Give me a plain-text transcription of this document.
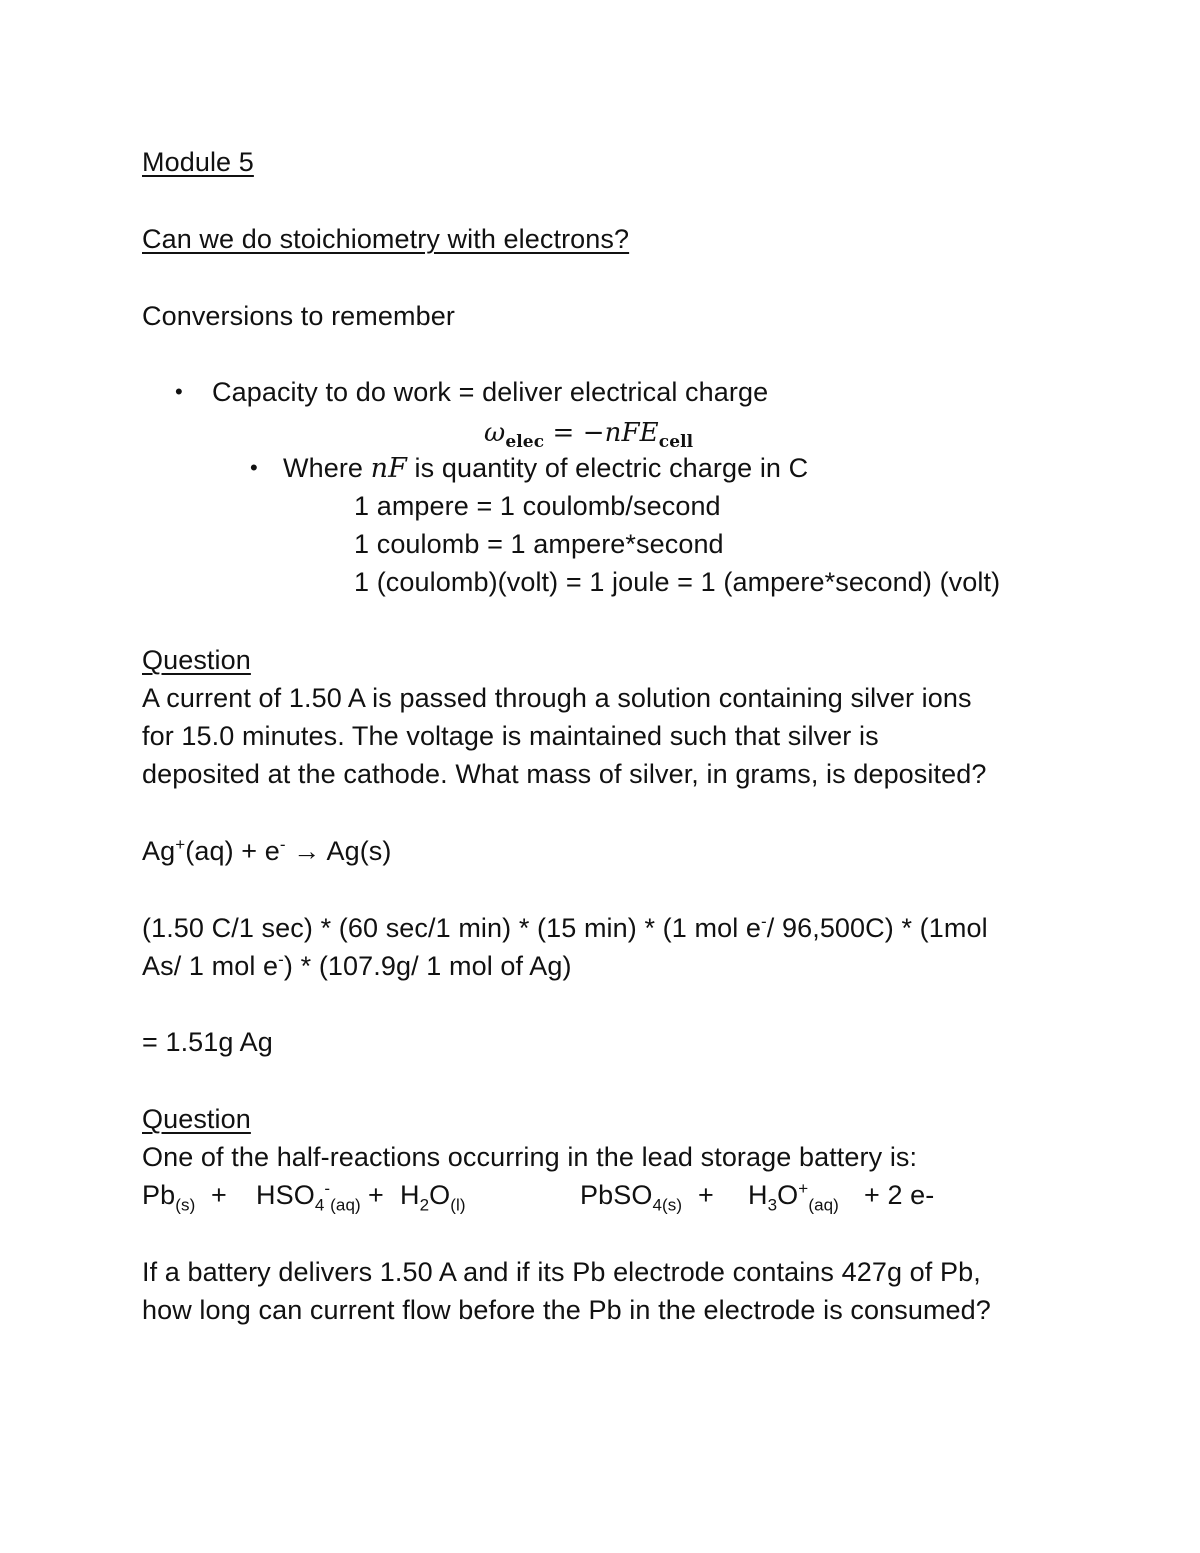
Module 5
Can we do stoichiometry with electrons?
Conversions to remember
• Capacity to do work = deliver electrical charge
$\omega_{elec} = -nFE_{cell}$
• Where nF is quantity of electric charge in C
1 ampere = 1 coulomb/second
1 coulomb = 1 ampere*second
1 (coulomb)(volt) = 1 joule = 1 (ampere*second) (volt)
Question
A current of 1.50 A is passed through a solution containing silver ions
for 15.0 minutes. The voltage is maintained such that silver is
deposited at the cathode. What mass of silver, in grams, is deposited?
Ag+(aq) + e- → Ag(s)
(1.50 C/1 sec) * (60 sec/1 min) * (15 min) * (1 mol e-/ 96,500C) * (1mol
As/ 1 mol e-) * (107.9g/ 1 mol of Ag)
= 1.51g Ag
Question
One of the half-reactions occurring in the lead storage battery is:
$Pb_{(s)} + HSO_4^-_{(aq)} + H_2O_{(l)}$	PbSO$_{4(s)}$ + $H_3O^+_{(aq)} + 2$ e-
If a battery delivers 1.50 A and if its Pb electrode contains 427g of Pb,
how long can current flow before the Pb in the electrode is consumed?
